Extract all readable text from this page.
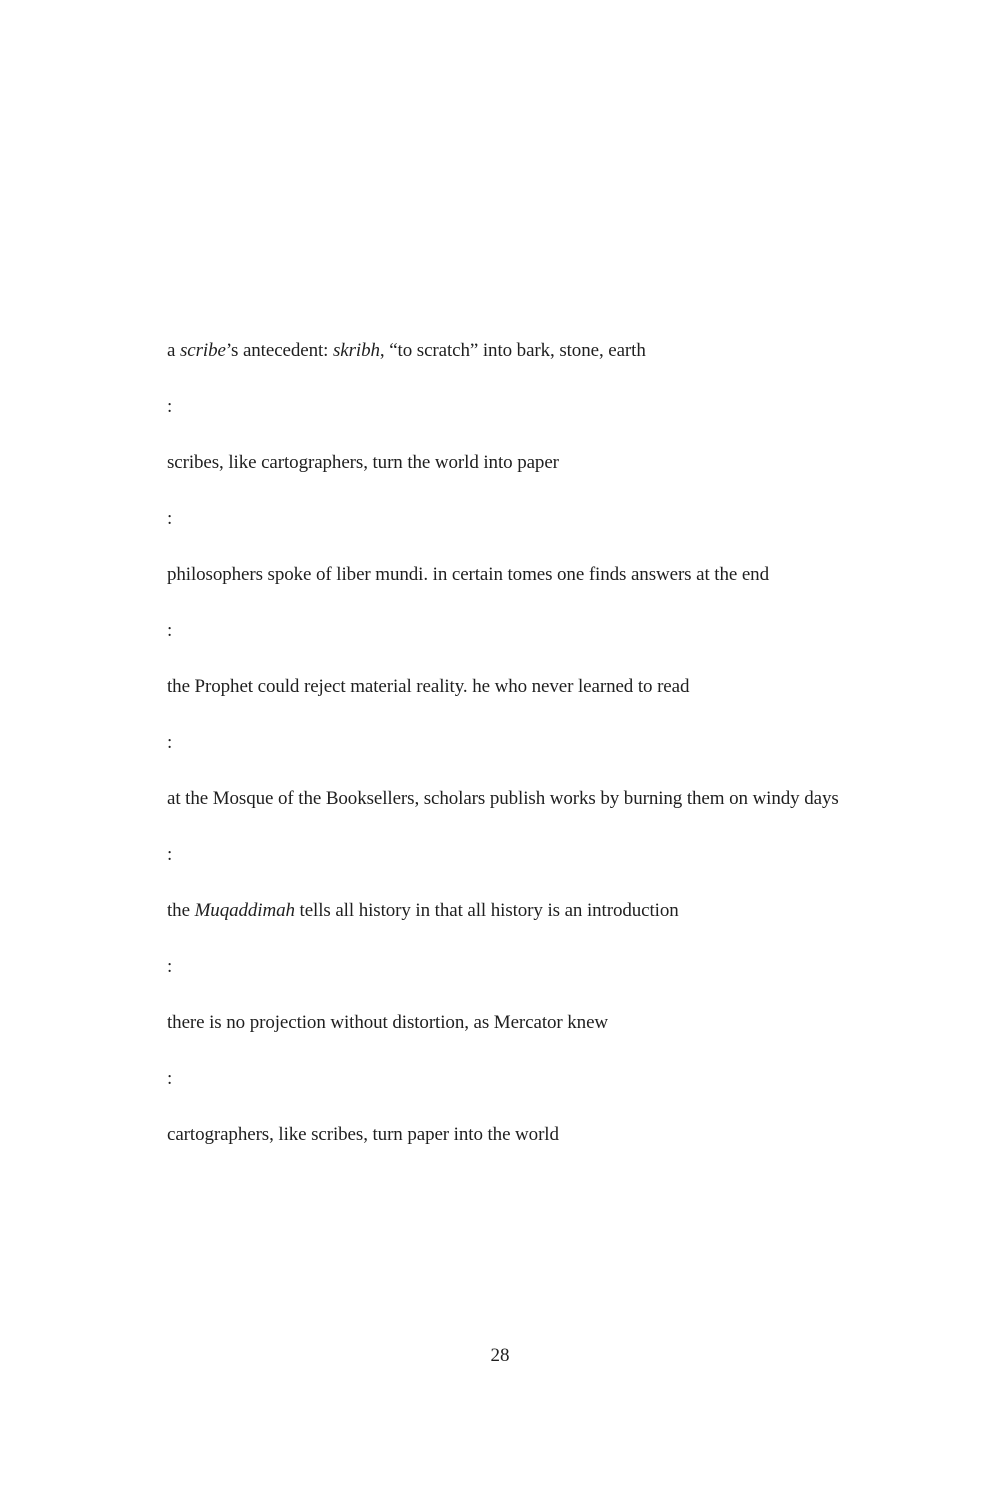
a scribe’s antecedent: skribh, “to scratch” into bark, stone, earth
:
scribes, like cartographers, turn the world into paper
:
philosophers spoke of liber mundi. in certain tomes one finds answers at the end
:
the Prophet could reject material reality. he who never learned to read
:
at the Mosque of the Booksellers, scholars publish works by burning them on windy days
:
the Muqaddimah tells all history in that all history is an introduction
:
there is no projection without distortion, as Mercator knew
:
cartographers, like scribes, turn paper into the world
28
